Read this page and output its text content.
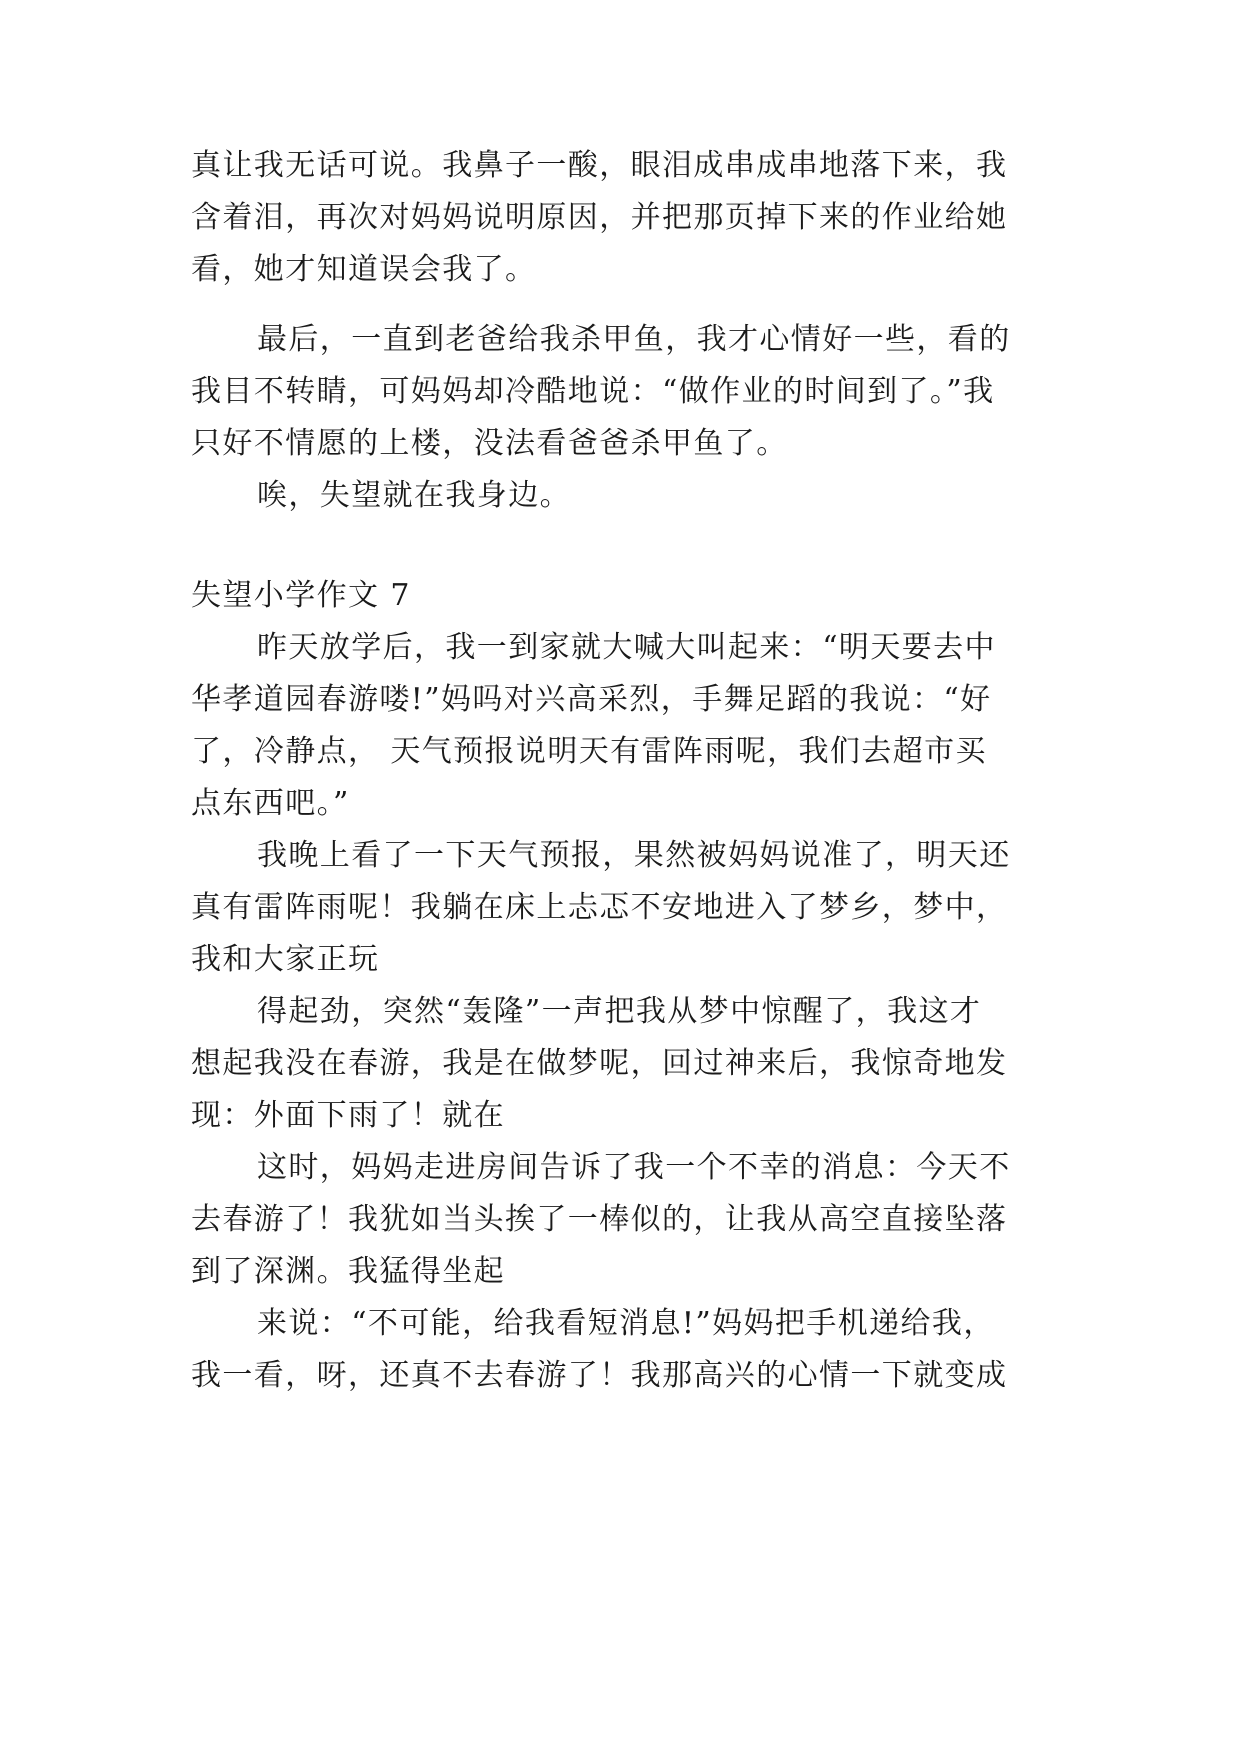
真让我无话可说。我鼻子一酸，眼泪成串成串地落下来，我
含着泪，再次对妈妈说明原因，并把那页掉下来的作业给她
看，她才知道误会我了。
最后，一直到老爸给我杀甲鱼，我才心情好一些，看的
我目不转睛，可妈妈却冷酷地说：“做作业的时间到了。”我
只好不情愿的上楼，没法看爸爸杀甲鱼了。
唉，失望就在我身边。
失望小学作文 7
昨天放学后，我一到家就大喊大叫起来：“明天要去中
华孝道园春游喽!”妈吗对兴高采烈，手舞足蹈的我说：“好
了，冷静点， 天气预报说明天有雷阵雨呢，我们去超市买
点东西吧。”
我晚上看了一下天气预报，果然被妈妈说准了，明天还
真有雷阵雨呢！我躺在床上忐忑不安地进入了梦乡，梦中，
我和大家正玩
得起劲，突然“轰隆”一声把我从梦中惊醒了，我这才
想起我没在春游，我是在做梦呢，回过神来后，我惊奇地发
现：外面下雨了！就在
这时，妈妈走进房间告诉了我一个不幸的消息：今天不
去春游了！我犹如当头挨了一棒似的，让我从高空直接坠落
到了深渊。我猛得坐起
来说：“不可能，给我看短消息!”妈妈把手机递给我，
我一看，呀，还真不去春游了！我那高兴的心情一下就变成
